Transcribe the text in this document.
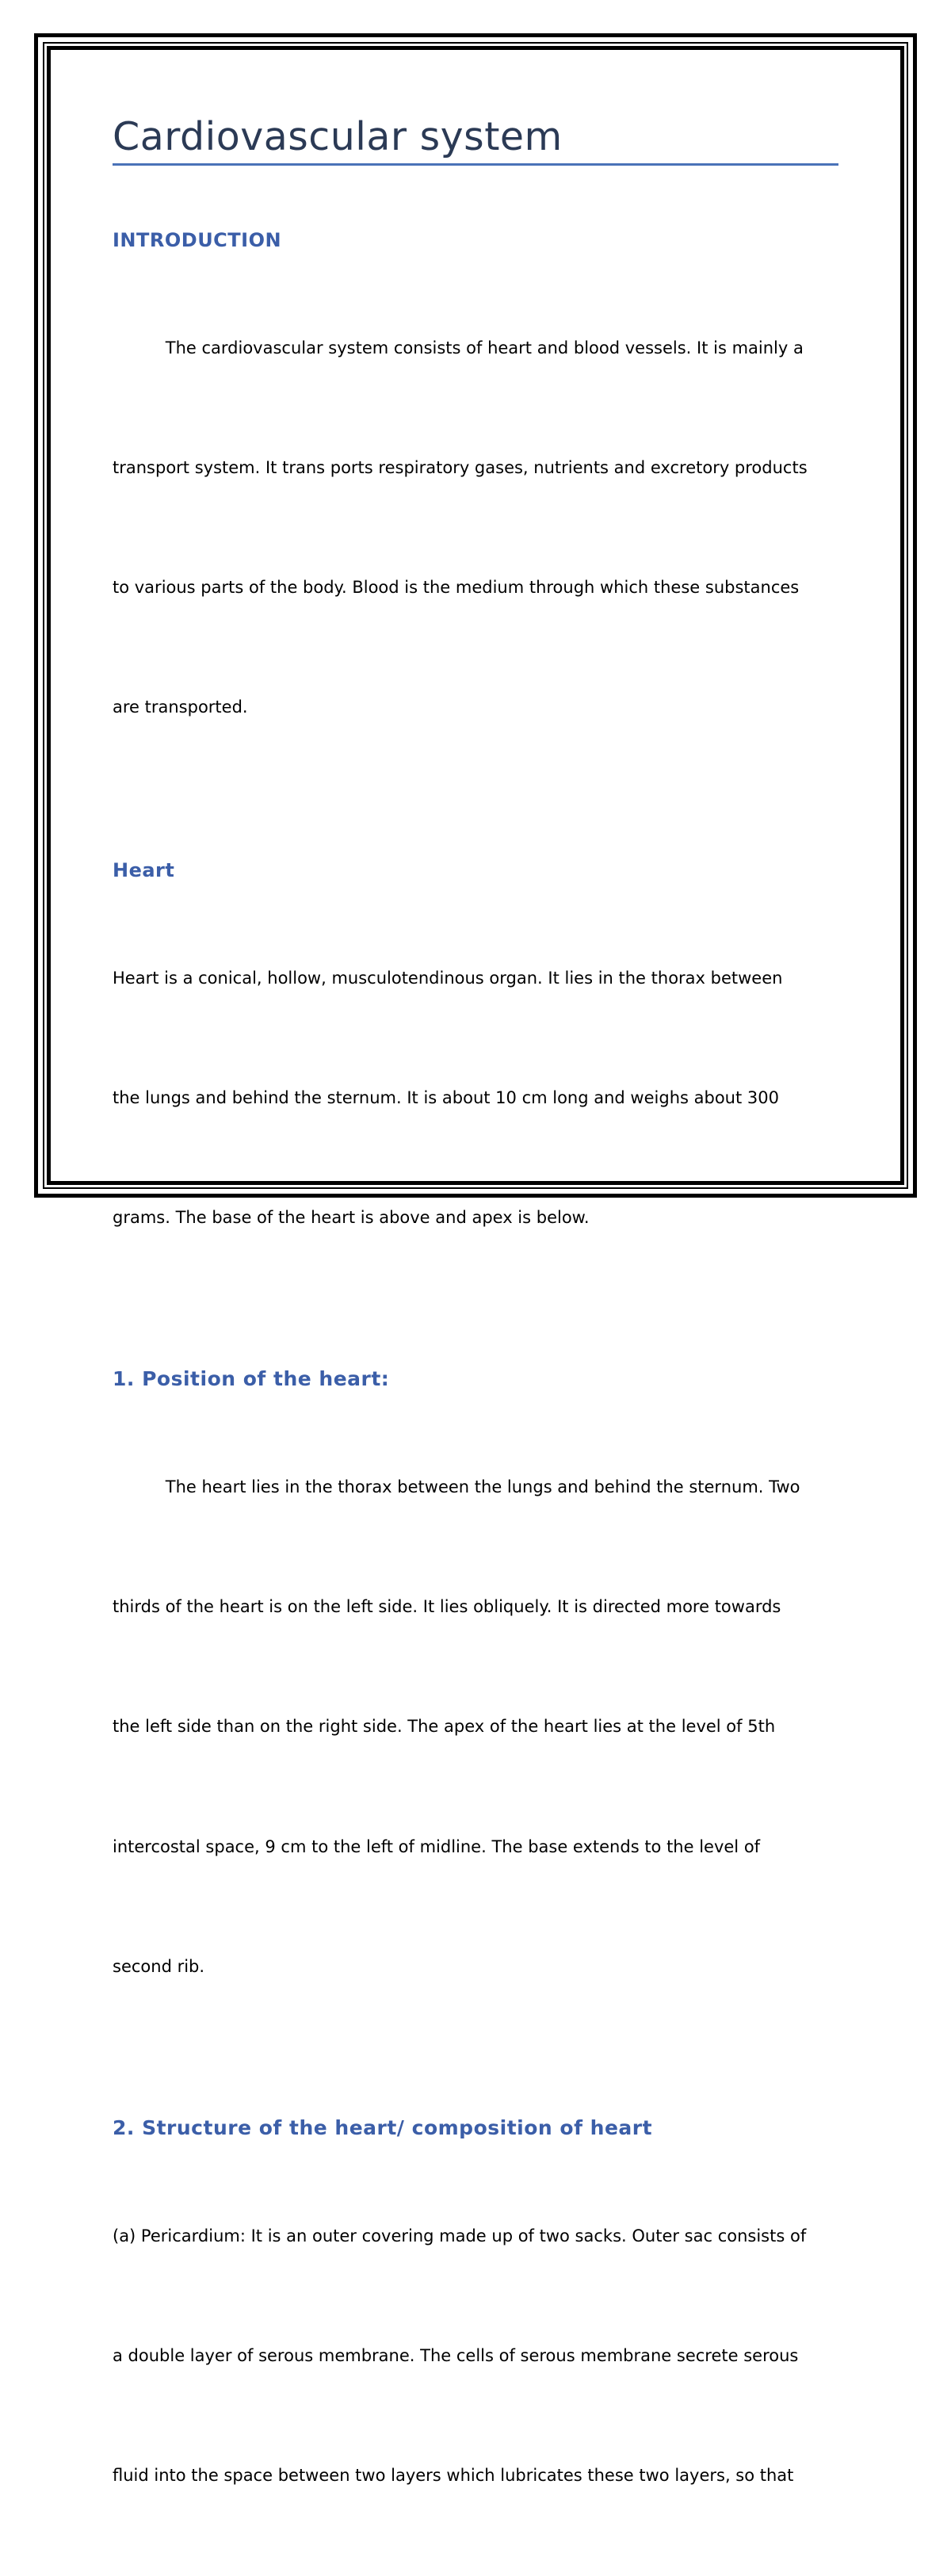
Cardiovascular system
INTRODUCTION

The cardiovascular system consists of heart and blood vessels. It is mainly a

transport system. It trans ports respiratory gases, nutrients and excretory products

to various parts of the body. Blood is the medium through which these substances

are transported.

Heart

Heart is a conical, hollow, musculotendinous organ. It lies in the thorax between

the lungs and behind the sternum. It is about 10 cm long and weighs about 300

grams. The base of the heart is above and apex is below.

1. Position of the heart:

The heart lies in the thorax between the lungs and behind the sternum. Two

thirds of the heart is on the left side. It lies obliquely. It is directed more towards

the left side than on the right side. The apex of the heart lies at the level of 5th

intercostal space, 9 cm to the left of midline. The base extends to the level of

second rib.

2. Structure of the heart/ composition of heart

(a) Pericardium: It is an outer covering made up of two sacks. Outer sac consists of

a double layer of serous membrane. The cells of serous membrane secrete serous

fluid into the space between two layers which lubricates these two layers, so that
